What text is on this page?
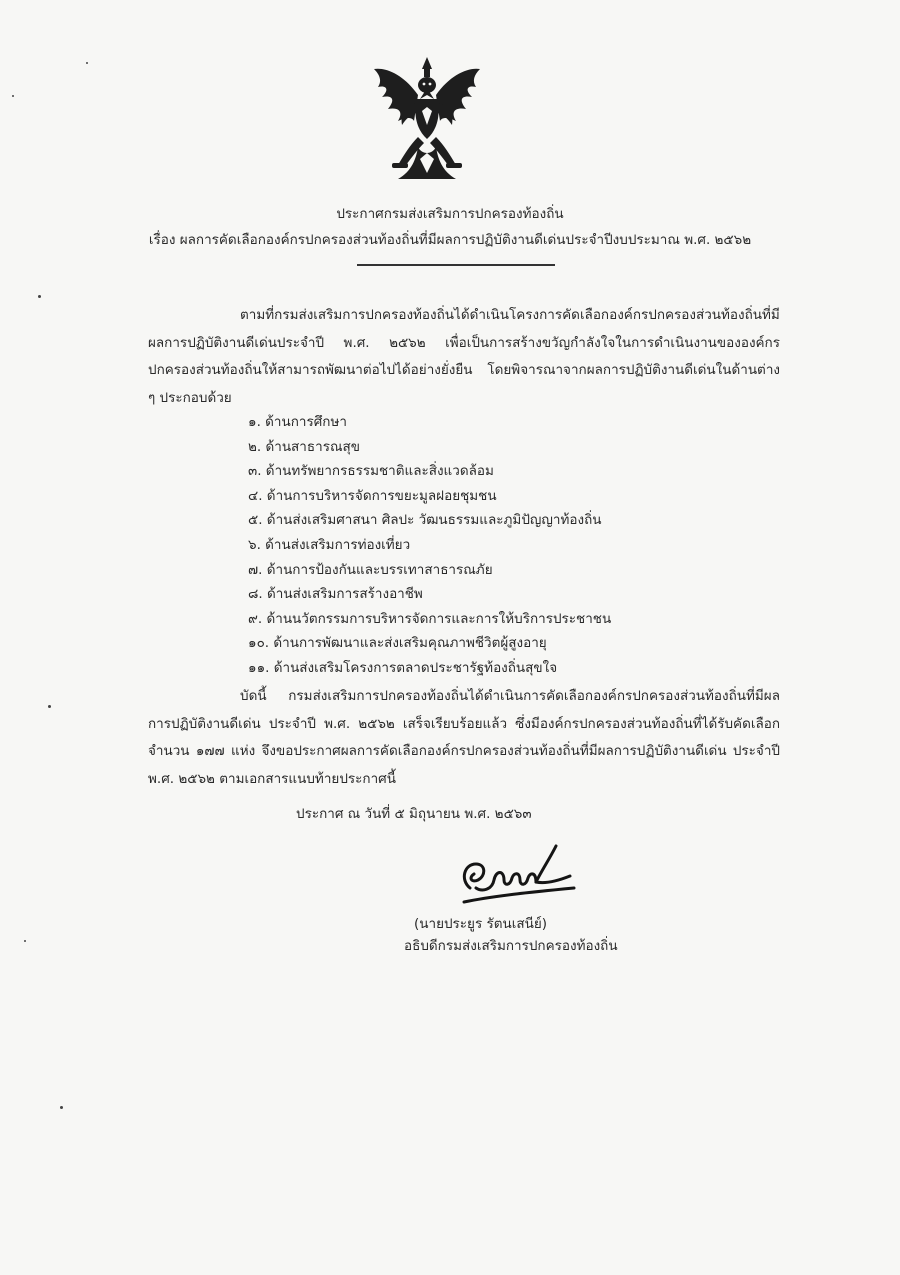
ประกาศกรมส่งเสริมการปกครองท้องถิ่น
เรื่อง ผลการคัดเลือกองค์กรปกครองส่วนท้องถิ่นที่มีผลการปฏิบัติงานดีเด่นประจำปีงบประมาณ พ.ศ. ๒๕๖๒
ตามที่กรมส่งเสริมการปกครองท้องถิ่นได้ดำเนินโครงการคัดเลือกองค์กรปกครองส่วนท้องถิ่นที่มีผลการปฏิบัติงานดีเด่นประจำปี พ.ศ. ๒๕๖๒ เพื่อเป็นการสร้างขวัญกำลังใจในการดำเนินงานขององค์กรปกครองส่วนท้องถิ่นให้สามารถพัฒนาต่อไปได้อย่างยั่งยืน โดยพิจารณาจากผลการปฏิบัติงานดีเด่นในด้านต่าง ๆ ประกอบด้วย
๑. ด้านการศึกษา
๒. ด้านสาธารณสุข
๓. ด้านทรัพยากรธรรมชาติและสิ่งแวดล้อม
๔. ด้านการบริหารจัดการขยะมูลฝอยชุมชน
๕. ด้านส่งเสริมศาสนา ศิลปะ วัฒนธรรมและภูมิปัญญาท้องถิ่น
๖. ด้านส่งเสริมการท่องเที่ยว
๗. ด้านการป้องกันและบรรเทาสาธารณภัย
๘. ด้านส่งเสริมการสร้างอาชีพ
๙. ด้านนวัตกรรมการบริหารจัดการและการให้บริการประชาชน
๑๐. ด้านการพัฒนาและส่งเสริมคุณภาพชีวิตผู้สูงอายุ
๑๑. ด้านส่งเสริมโครงการตลาดประชารัฐท้องถิ่นสุขใจ
บัดนี้ กรมส่งเสริมการปกครองท้องถิ่นได้ดำเนินการคัดเลือกองค์กรปกครองส่วนท้องถิ่นที่มีผลการปฏิบัติงานดีเด่น ประจำปี พ.ศ. ๒๕๖๒ เสร็จเรียบร้อยแล้ว ซึ่งมีองค์กรปกครองส่วนท้องถิ่นที่ได้รับคัดเลือก จำนวน ๑๗๗ แห่ง จึงขอประกาศผลการคัดเลือกองค์กรปกครองส่วนท้องถิ่นที่มีผลการปฏิบัติงานดีเด่น ประจำปี พ.ศ. ๒๕๖๒ ตามเอกสารแนบท้ายประกาศนี้
ประกาศ ณ วันที่ ๕ มิถุนายน พ.ศ. ๒๕๖๓
(นายประยูร รัตนเสนีย์)
อธิบดีกรมส่งเสริมการปกครองท้องถิ่น
